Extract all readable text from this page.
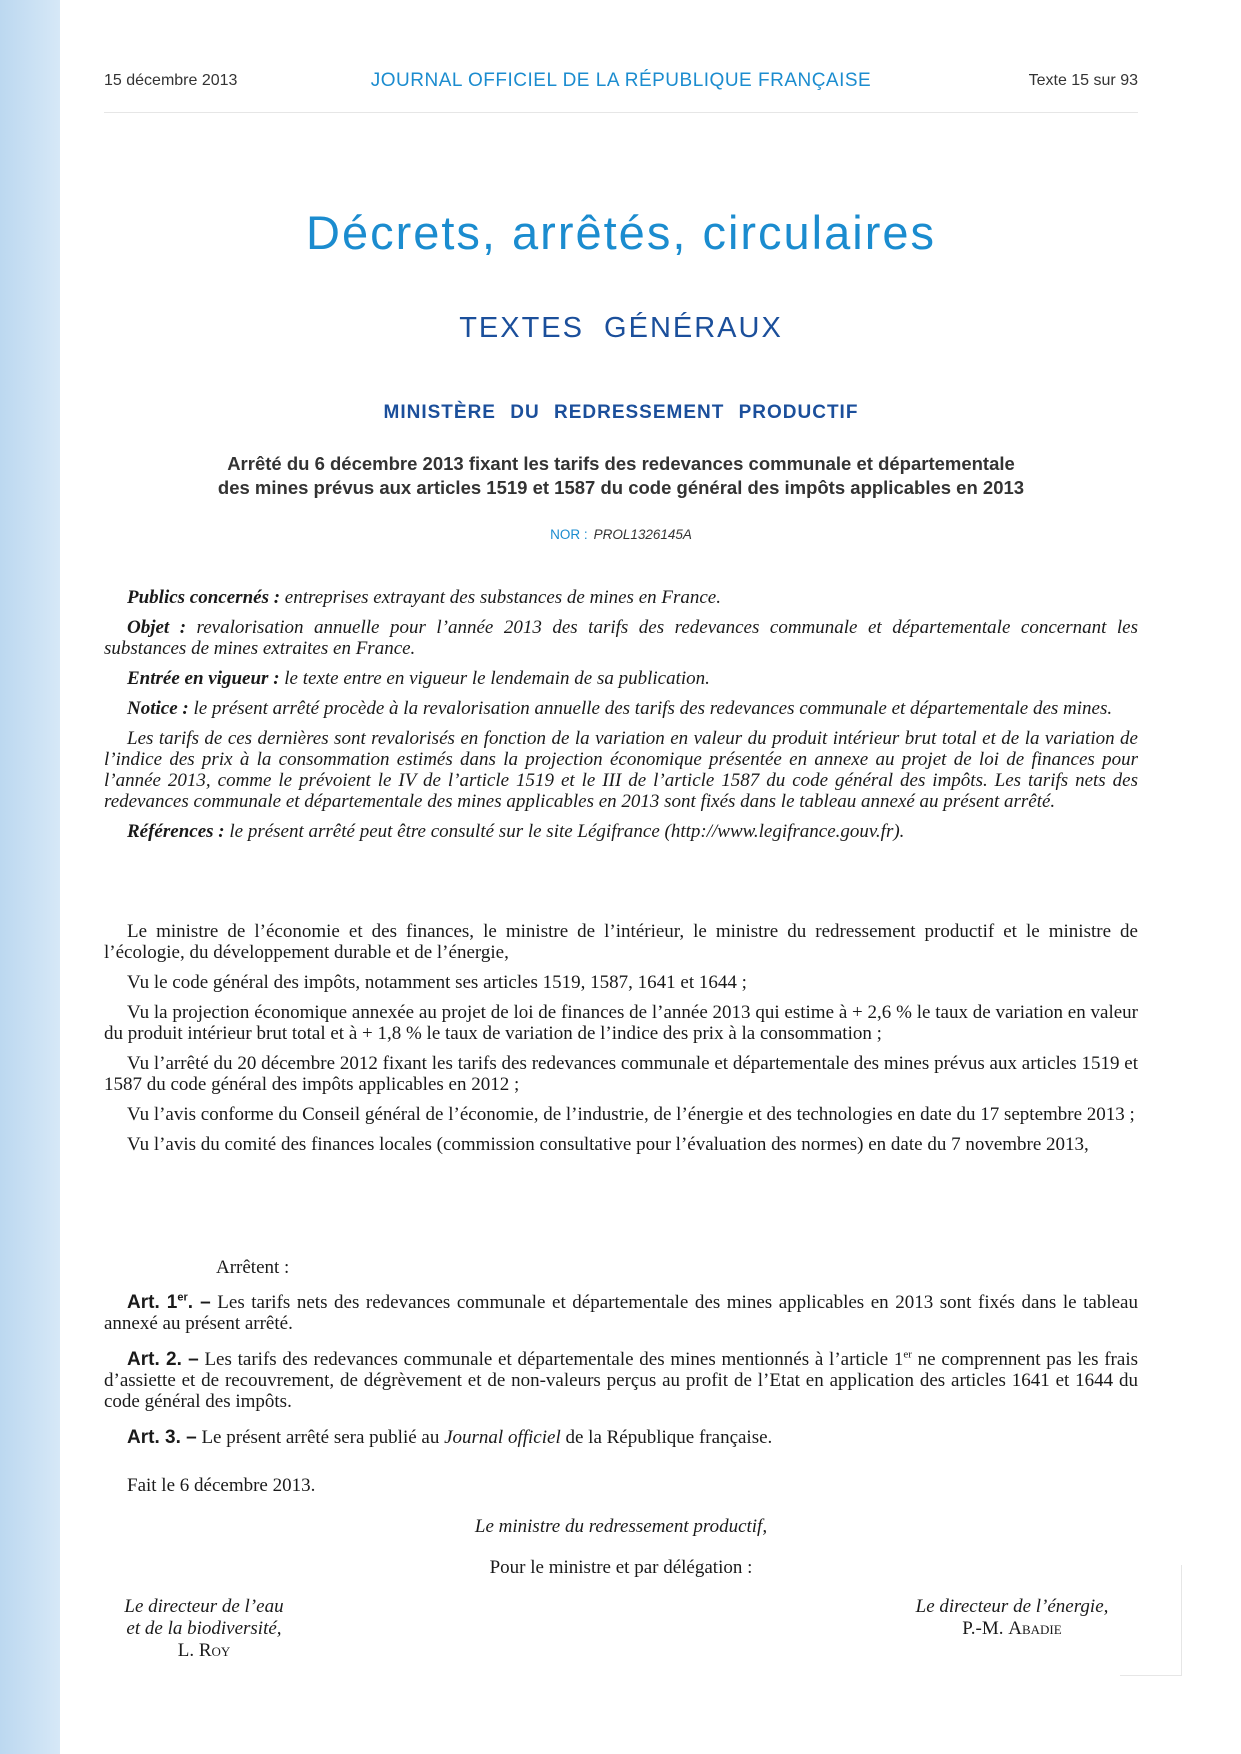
15 décembre 2013	JOURNAL OFFICIEL DE LA RÉPUBLIQUE FRANÇAISE	Texte 15 sur 93
Décrets, arrêtés, circulaires
TEXTES GÉNÉRAUX
MINISTÈRE DU REDRESSEMENT PRODUCTIF
Arrêté du 6 décembre 2013 fixant les tarifs des redevances communale et départementale
des mines prévus aux articles 1519 et 1587 du code général des impôts applicables en 2013
NOR : PROL1326145A

Publics concernés : entreprises extrayant des substances de mines en France.

Objet : revalorisation annuelle pour l’année 2013 des tarifs des redevances communale et départementale concernant les substances de mines extraites en France.

Entrée en vigueur : le texte entre en vigueur le lendemain de sa publication.

Notice : le présent arrêté procède à la revalorisation annuelle des tarifs des redevances communale et départementale des mines.

Les tarifs de ces dernières sont revalorisés en fonction de la variation en valeur du produit intérieur brut total et de la variation de l’indice des prix à la consommation estimés dans la projection économique présentée en annexe au projet de loi de finances pour l’année 2013, comme le prévoient le IV de l’article 1519 et le III de l’article 1587 du code général des impôts. Les tarifs nets des redevances communale et départementale des mines applicables en 2013 sont fixés dans le tableau annexé au présent arrêté.

Références : le présent arrêté peut être consulté sur le site Légifrance (http://www.legifrance.gouv.fr).

Le ministre de l’économie et des finances, le ministre de l’intérieur, le ministre du redressement productif et le ministre de l’écologie, du développement durable et de l’énergie,

Vu le code général des impôts, notamment ses articles 1519, 1587, 1641 et 1644 ;

Vu la projection économique annexée au projet de loi de finances de l’année 2013 qui estime à + 2,6 % le taux de variation en valeur du produit intérieur brut total et à + 1,8 % le taux de variation de l’indice des prix à la consommation ;

Vu l’arrêté du 20 décembre 2012 fixant les tarifs des redevances communale et départementale des mines prévus aux articles 1519 et 1587 du code général des impôts applicables en 2012 ;

Vu l’avis conforme du Conseil général de l’économie, de l’industrie, de l’énergie et des technologies en date du 17 septembre 2013 ;

Vu l’avis du comité des finances locales (commission consultative pour l’évaluation des normes) en date du 7 novembre 2013,

Arrêtent :

Art. 1er. – Les tarifs nets des redevances communale et départementale des mines applicables en 2013 sont fixés dans le tableau annexé au présent arrêté.

Art. 2. – Les tarifs des redevances communale et départementale des mines mentionnés à l’article 1er ne comprennent pas les frais d’assiette et de recouvrement, de dégrèvement et de non-valeurs perçus au profit de l’Etat en application des articles 1641 et 1644 du code général des impôts.

Art. 3. – Le présent arrêté sera publié au Journal officiel de la République française.

Fait le 6 décembre 2013.
Le ministre du redressement productif,
Pour le ministre et par délégation :
Le directeur de l’eau
et de la biodiversité,
L. Roy
Le directeur de l’énergie,
P.-M. Abadie
